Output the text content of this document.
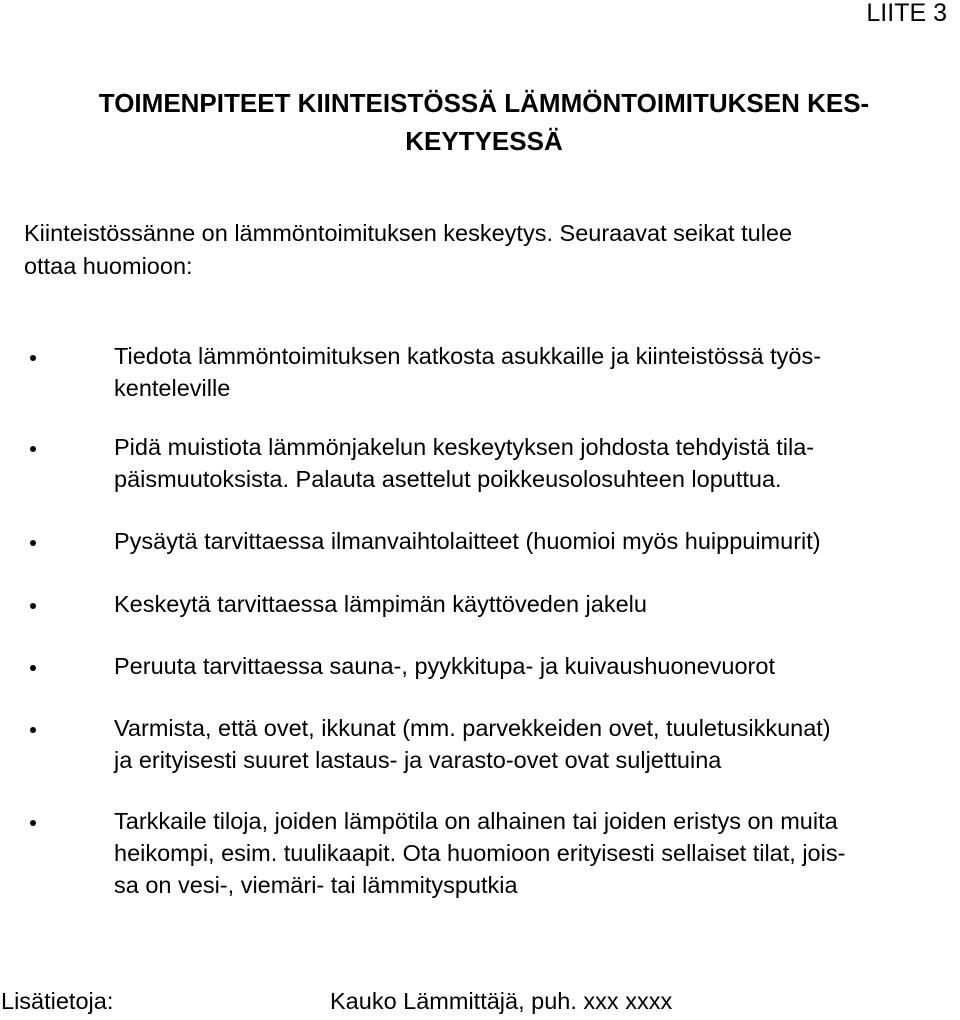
LIITE 3
TOIMENPITEET KIINTEISTÖSSÄ LÄMMÖNTOIMITUKSEN KES-
KEYTYESSÄ
Kiinteistössänne on lämmöntoimituksen keskeytys. Seuraavat seikat tulee
ottaa huomioon:
Tiedota lämmöntoimituksen katkosta asukkaille ja kiinteistössä työs-
kenteleville
Pidä muistiota lämmönjakelun keskeytyksen johdosta tehdyistä tila-
päismuutoksista. Palauta asettelut poikkeusolosuhteen loputtua.
Pysäytä tarvittaessa ilmanvaihtolaitteet (huomioi myös huippuimurit)
Keskeytä tarvittaessa lämpimän käyttöveden jakelu
Peruuta tarvittaessa sauna-, pyykkitupa- ja kuivaushuonevuorot
Varmista, että ovet, ikkunat (mm. parvekkeiden ovet, tuuletusikkunat)
ja erityisesti suuret lastaus- ja varasto-ovet ovat suljettuina
Tarkkaile tiloja, joiden lämpötila on alhainen tai joiden eristys on muita
heikompi, esim. tuulikaapit. Ota huomioon erityisesti sellaiset tilat, jois-
sa on vesi-, viemäri- tai lämmitysputkia
Lisätietoja:	Kauko Lämmittäjä, puh. xxx xxxx
